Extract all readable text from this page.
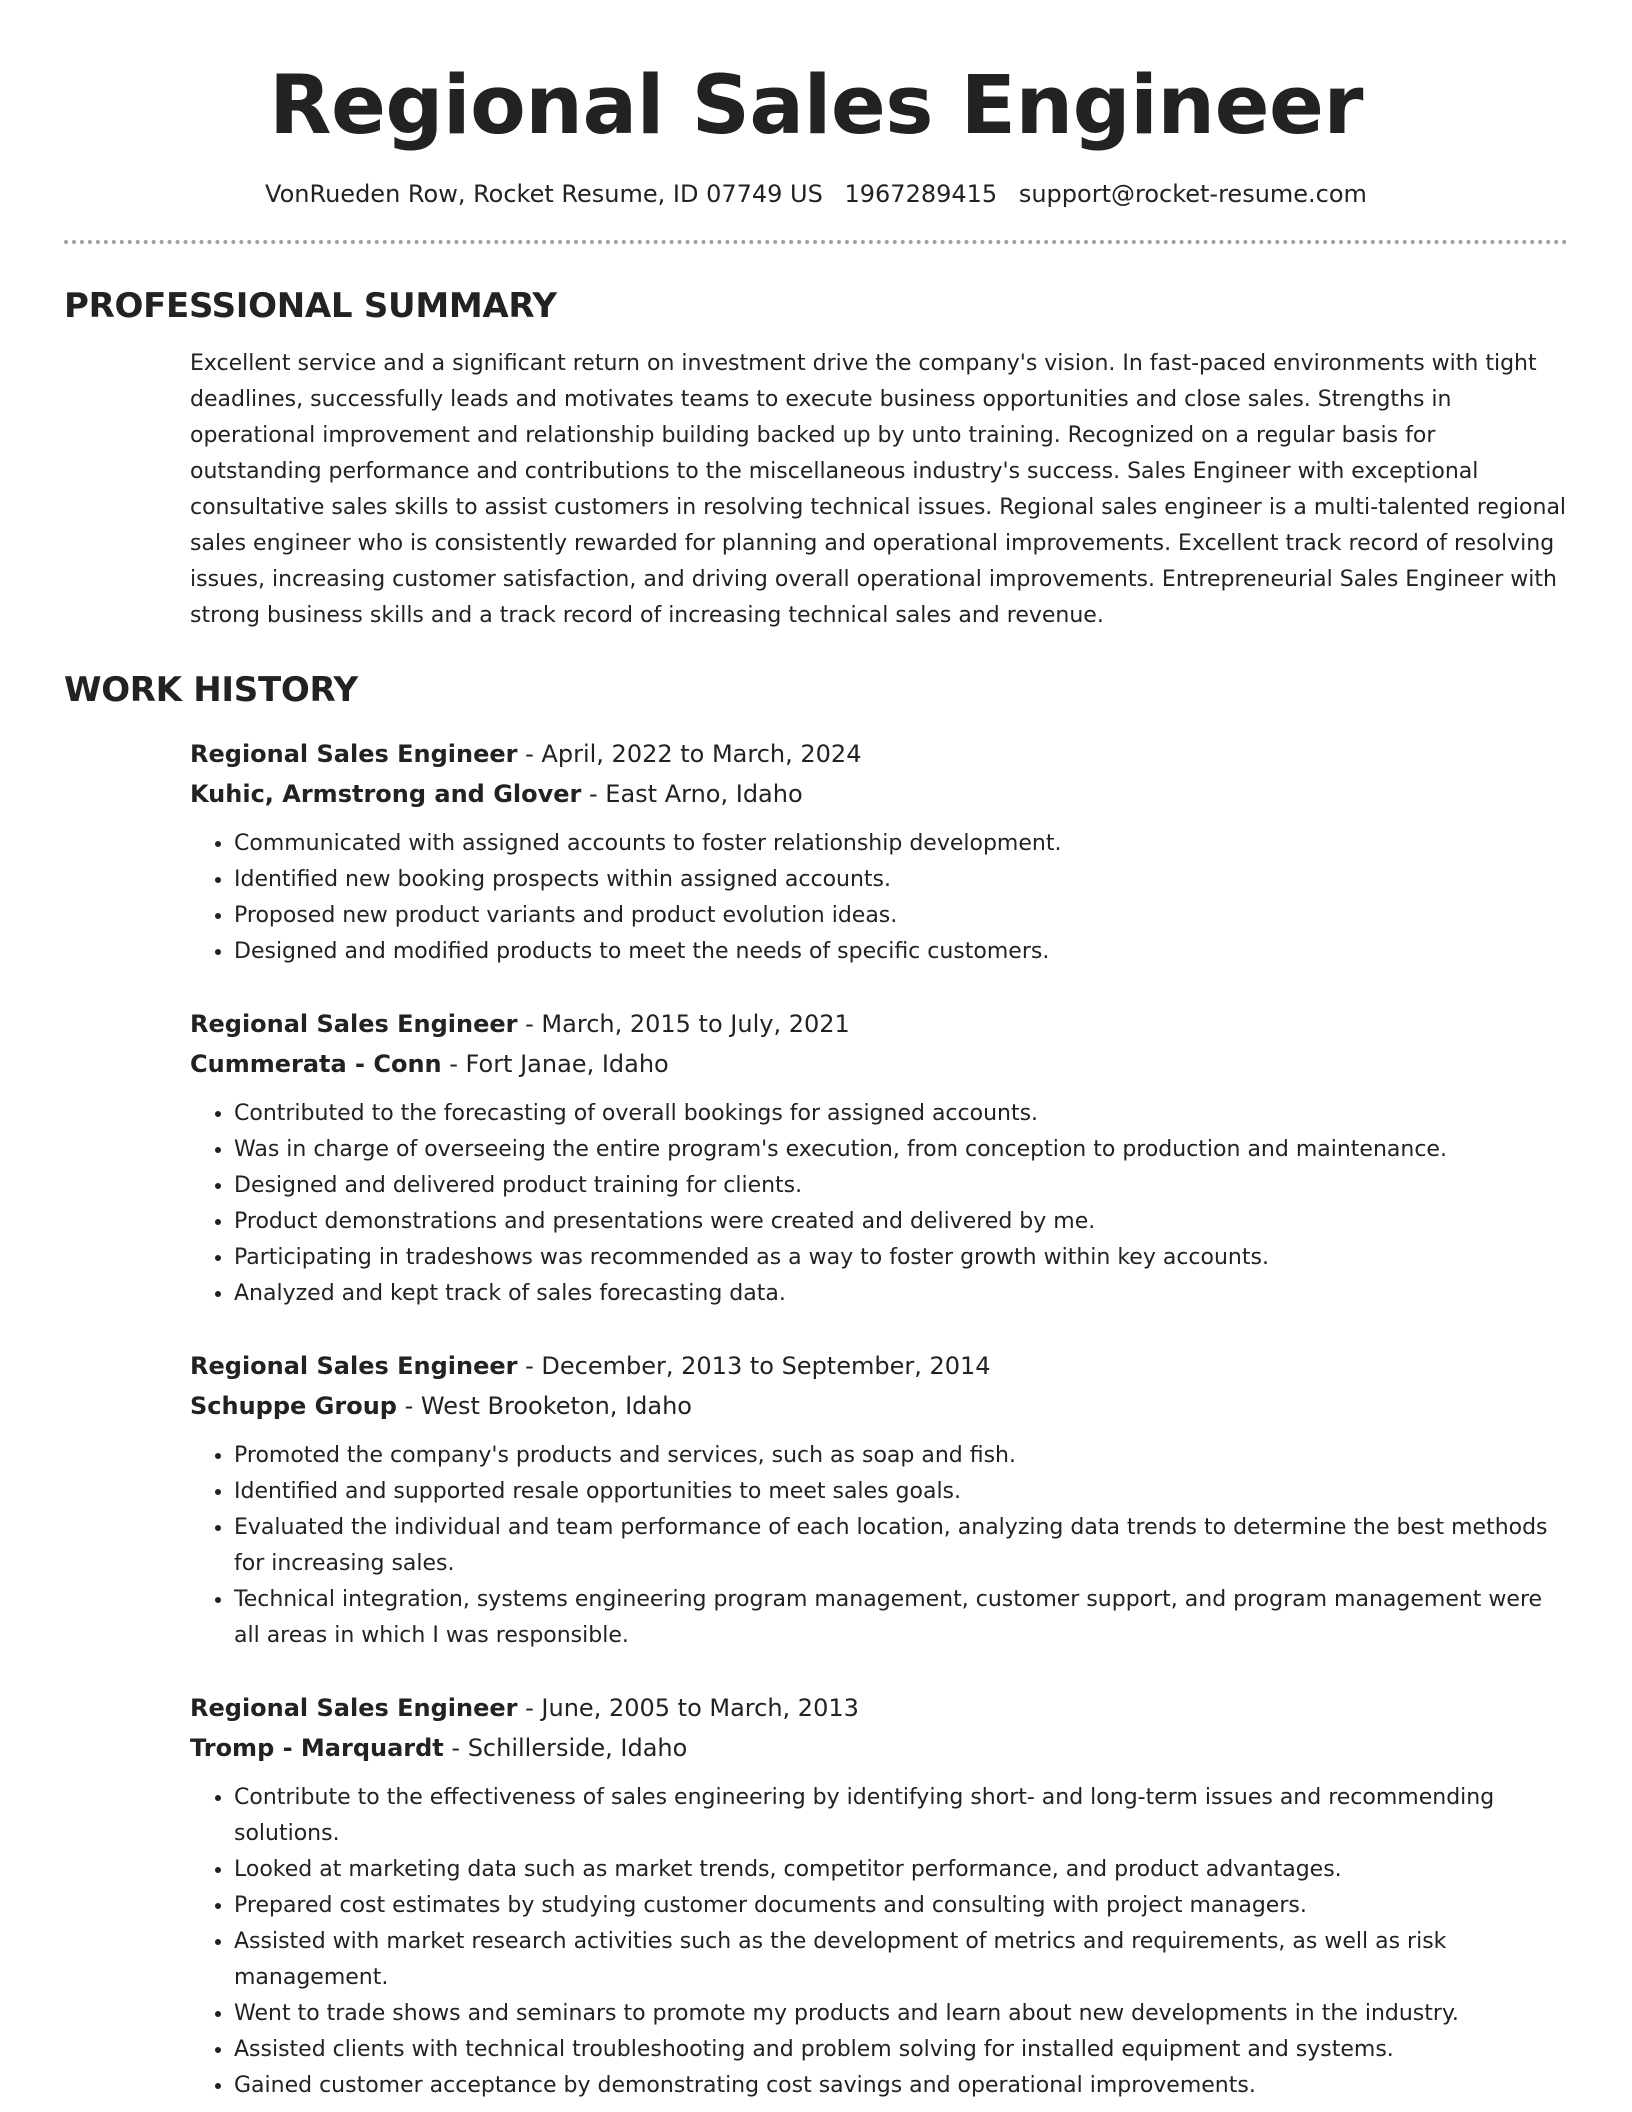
Regional Sales Engineer
VonRueden Row, Rocket Resume, ID 07749 US 1967289415 support@rocket-resume.com
PROFESSIONAL SUMMARY

Excellent service and a significant return on investment drive the company's vision. In fast-paced environments with tight deadlines, successfully leads and motivates teams to execute business opportunities and close sales. Strengths in operational improvement and relationship building backed up by unto training. Recognized on a regular basis for outstanding performance and contributions to the miscellaneous industry's success. Sales Engineer with exceptional consultative sales skills to assist customers in resolving technical issues. Regional sales engineer is a multi-talented regional sales engineer who is consistently rewarded for planning and operational improvements. Excellent track record of resolving issues, increasing customer satisfaction, and driving overall operational improvements. Entrepreneurial Sales Engineer with strong business skills and a track record of increasing technical sales and revenue.

WORK HISTORY
Regional Sales Engineer - April, 2022 to March, 2024
Kuhic, Armstrong and Glover - East Arno, Idaho
• Communicated with assigned accounts to foster relationship development.
• Identified new booking prospects within assigned accounts.
• Proposed new product variants and product evolution ideas.
• Designed and modified products to meet the needs of specific customers.
Regional Sales Engineer - March, 2015 to July, 2021
Cummerata - Conn - Fort Janae, Idaho
• Contributed to the forecasting of overall bookings for assigned accounts.
• Was in charge of overseeing the entire program's execution, from conception to production and maintenance.
• Designed and delivered product training for clients.
• Product demonstrations and presentations were created and delivered by me.
• Participating in tradeshows was recommended as a way to foster growth within key accounts.
• Analyzed and kept track of sales forecasting data.
Regional Sales Engineer - December, 2013 to September, 2014
Schuppe Group - West Brooketon, Idaho
• Promoted the company's products and services, such as soap and fish.
• Identified and supported resale opportunities to meet sales goals.
• Evaluated the individual and team performance of each location, analyzing data trends to determine the best methods for increasing sales.
• Technical integration, systems engineering program management, customer support, and program management were all areas in which I was responsible.
Regional Sales Engineer - June, 2005 to March, 2013
Tromp - Marquardt - Schillerside, Idaho
• Contribute to the effectiveness of sales engineering by identifying short- and long-term issues and recommending solutions.
• Looked at marketing data such as market trends, competitor performance, and product advantages.
• Prepared cost estimates by studying customer documents and consulting with project managers.
• Assisted with market research activities such as the development of metrics and requirements, as well as risk management.
• Went to trade shows and seminars to promote my products and learn about new developments in the industry.
• Assisted clients with technical troubleshooting and problem solving for installed equipment and systems.
• Gained customer acceptance by demonstrating cost savings and operational improvements.
